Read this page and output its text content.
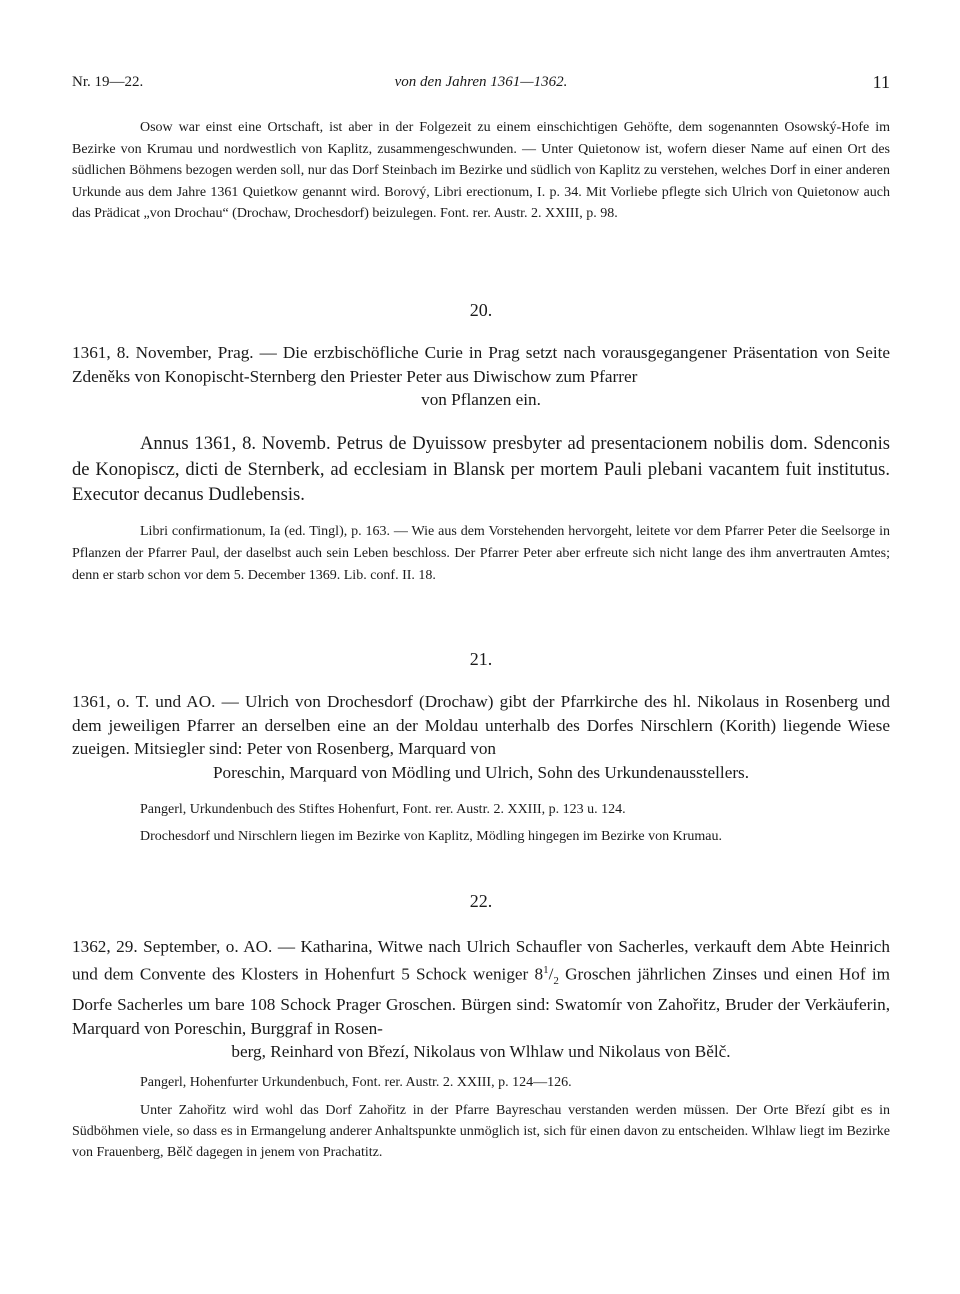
Nr. 19—22.	von den Jahren 1361—1362.	11

Osow war einst eine Ortschaft, ist aber in der Folgezeit zu einem einschichtigen Gehöfte, dem sogenannten Osowský-Hofe im Bezirke von Krumau und nordwestlich von Kaplitz, zusammengeschwunden. — Unter Quietonow ist, wofern dieser Name auf einen Ort des südlichen Böhmens bezogen werden soll, nur das Dorf Steinbach im Bezirke und südlich von Kaplitz zu verstehen, welches Dorf in einer anderen Urkunde aus dem Jahre 1361 Quietkow genannt wird. Borový, Libri erectionum, I. p. 34. Mit Vorliebe pflegte sich Ulrich von Quietonow auch das Prädicat „von Drochau“ (Drochaw, Drochesdorf) beizulegen. Font. rer. Austr. 2. XXIII, p. 98.

20.

1361, 8. November, Prag. — Die erzbischöfliche Curie in Prag setzt nach vorausgegangener Präsentation von Seite Zdeněks von Konopischt-Sternberg den Priester Peter aus Diwischow zum Pfarrer
von Pflanzen ein.

Annus 1361, 8. Novemb. Petrus de Dyuissow presbyter ad presentacionem nobilis dom. Sdenconis de Konopiscz, dicti de Sternberk, ad ecclesiam in Blansk per mortem Pauli plebani vacantem fuit institutus. Executor decanus Dudlebensis.

Libri confirmationum, Ia (ed. Tingl), p. 163. — Wie aus dem Vorstehenden hervorgeht, leitete vor dem Pfarrer Peter die Seelsorge in Pflanzen der Pfarrer Paul, der daselbst auch sein Leben beschloss. Der Pfarrer Peter aber erfreute sich nicht lange des ihm anvertrauten Amtes; denn er starb schon vor dem 5. December 1369. Lib. conf. II. 18.

21.

1361, o. T. und AO. — Ulrich von Drochesdorf (Drochaw) gibt der Pfarrkirche des hl. Nikolaus in Rosenberg und dem jeweiligen Pfarrer an derselben eine an der Moldau unterhalb des Dorfes Nirschlern (Korith) liegende Wiese zueigen. Mitsiegler sind: Peter von Rosenberg, Marquard von
Poreschin, Marquard von Mödling und Ulrich, Sohn des Urkundenausstellers.

Pangerl, Urkundenbuch des Stiftes Hohenfurt, Font. rer. Austr. 2. XXIII, p. 123 u. 124.

Drochesdorf und Nirschlern liegen im Bezirke von Kaplitz, Mödling hingegen im Bezirke von Krumau.

22.

1362, 29. September, o. AO. — Katharina, Witwe nach Ulrich Schaufler von Sacherles, verkauft dem Abte Heinrich und dem Convente des Klosters in Hohenfurt 5 Schock weniger $8^1/_2$ Groschen jährlichen Zinses und einen Hof im Dorfe Sacherles um bare 108 Schock Prager Groschen. Bürgen sind: Swatomír von Zahořitz, Bruder der Verkäuferin, Marquard von Poreschin, Burggraf in Rosen-
berg, Reinhard von Březí, Nikolaus von Wlhlaw und Nikolaus von Bělč.

Pangerl, Hohenfurter Urkundenbuch, Font. rer. Austr. 2. XXIII, p. 124—126.

Unter Zahořitz wird wohl das Dorf Zahořitz in der Pfarre Bayreschau verstanden werden müssen. Der Orte Březí gibt es in Südböhmen viele, so dass es in Ermangelung anderer Anhaltspunkte unmöglich ist, sich für einen davon zu entscheiden. Wlhlaw liegt im Bezirke von Frauenberg, Bělč dagegen in jenem von Prachatitz.
